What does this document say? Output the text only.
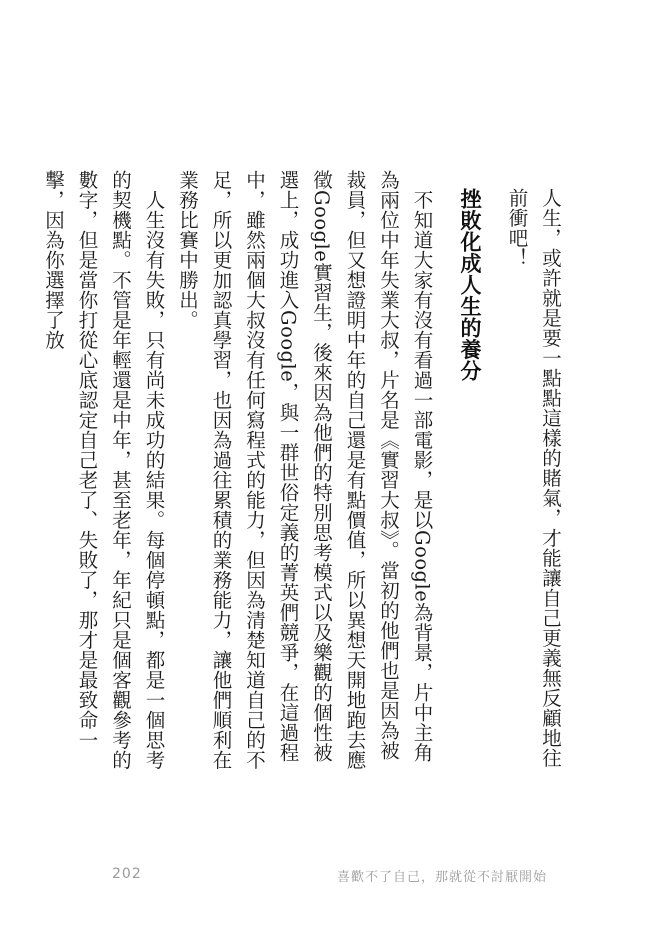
人生，或許就是要一點點這樣的賭氣，才能讓自己更義無反顧地往前衝吧！

挫敗化成人生的養分

不知道大家有沒有看過一部電影，是以Google為背景，片中主角為兩位中年失業大叔，片名是《實習大叔》。當初的他們也是因為被裁員，但又想證明中年的自己還是有點價值，所以異想天開地跑去應徵Google實習生，後來因為他們的特別思考模式以及樂觀的個性被選上，成功進入Google，與一群世俗定義的菁英們競爭，在這過程中，雖然兩個大叔沒有任何寫程式的能力，但因為清楚知道自己的不足，所以更加認真學習，也因為過往累積的業務能力，讓他們順利在業務比賽中勝出。

人生沒有失敗，只有尚未成功的結果。每個停頓點，都是一個思考的契機點。不管是年輕還是中年，甚至老年，年紀只是個客觀參考的數字，但是當你打從心底認定自己老了、失敗了，那才是最致命一擊，因為你選擇了放

202	喜歡不了自己，那就從不討厭開始
